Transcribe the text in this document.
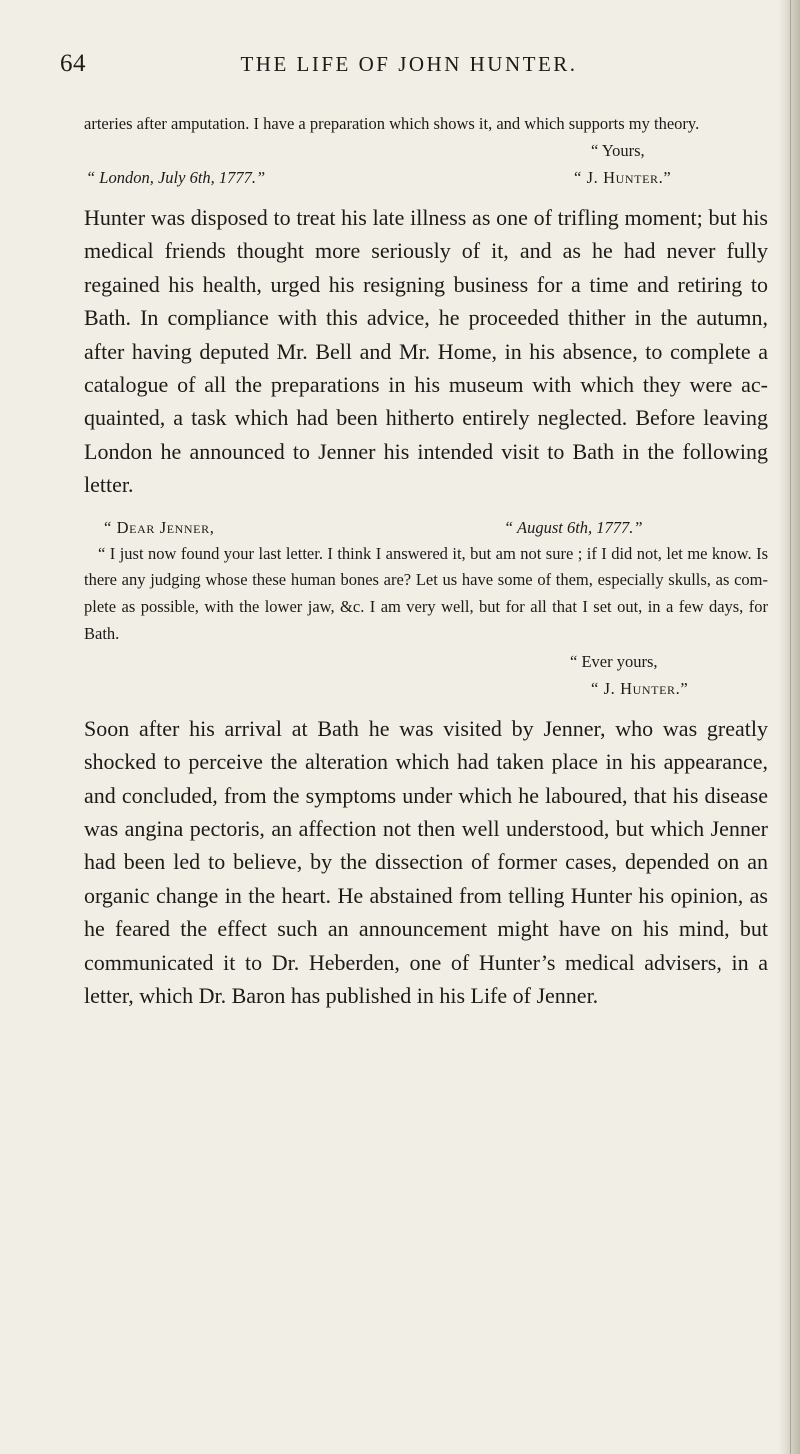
64	THE LIFE OF JOHN HUNTER.

arteries after amputation. I have a preparation which shows it, and which supports my theory.

“ Yours,
“ London, July 6th, 1777.”	“ J. Hunter.”

Hunter was disposed to treat his late illness as one of trifling moment; but his medical friends thought more seriously of it, and as he had never fully regained his health, urged his resigning business for a time and retiring to Bath. In compliance with this advice, he proceeded thither in the autumn, after having deputed Mr. Bell and Mr. Home, in his absence, to complete a catalogue of all the preparations in his museum with which they were acquainted, a task which had been hitherto entirely neglected. Before leaving London he announced to Jenner his intended visit to Bath in the following letter.

“ Dear Jenner,	“ August 6th, 1777.”

“ I just now found your last letter. I think I answered it, but am not sure ; if I did not, let me know. Is there any judging whose these human bones are? Let us have some of them, especially skulls, as complete as possible, with the lower jaw, &c. I am very well, but for all that I set out, in a few days, for Bath.

“ Ever yours,
“ J. Hunter.”

Soon after his arrival at Bath he was visited by Jenner, who was greatly shocked to perceive the alteration which had taken place in his appearance, and concluded, from the symptoms under which he laboured, that his disease was angina pectoris, an affection not then well understood, but which Jenner had been led to believe, by the dissection of former cases, depended on an organic change in the heart. He abstained from telling Hunter his opinion, as he feared the effect such an announcement might have on his mind, but communicated it to Dr. Heberden, one of Hunter’s medical advisers, in a letter, which Dr. Baron has published in his Life of Jenner.
